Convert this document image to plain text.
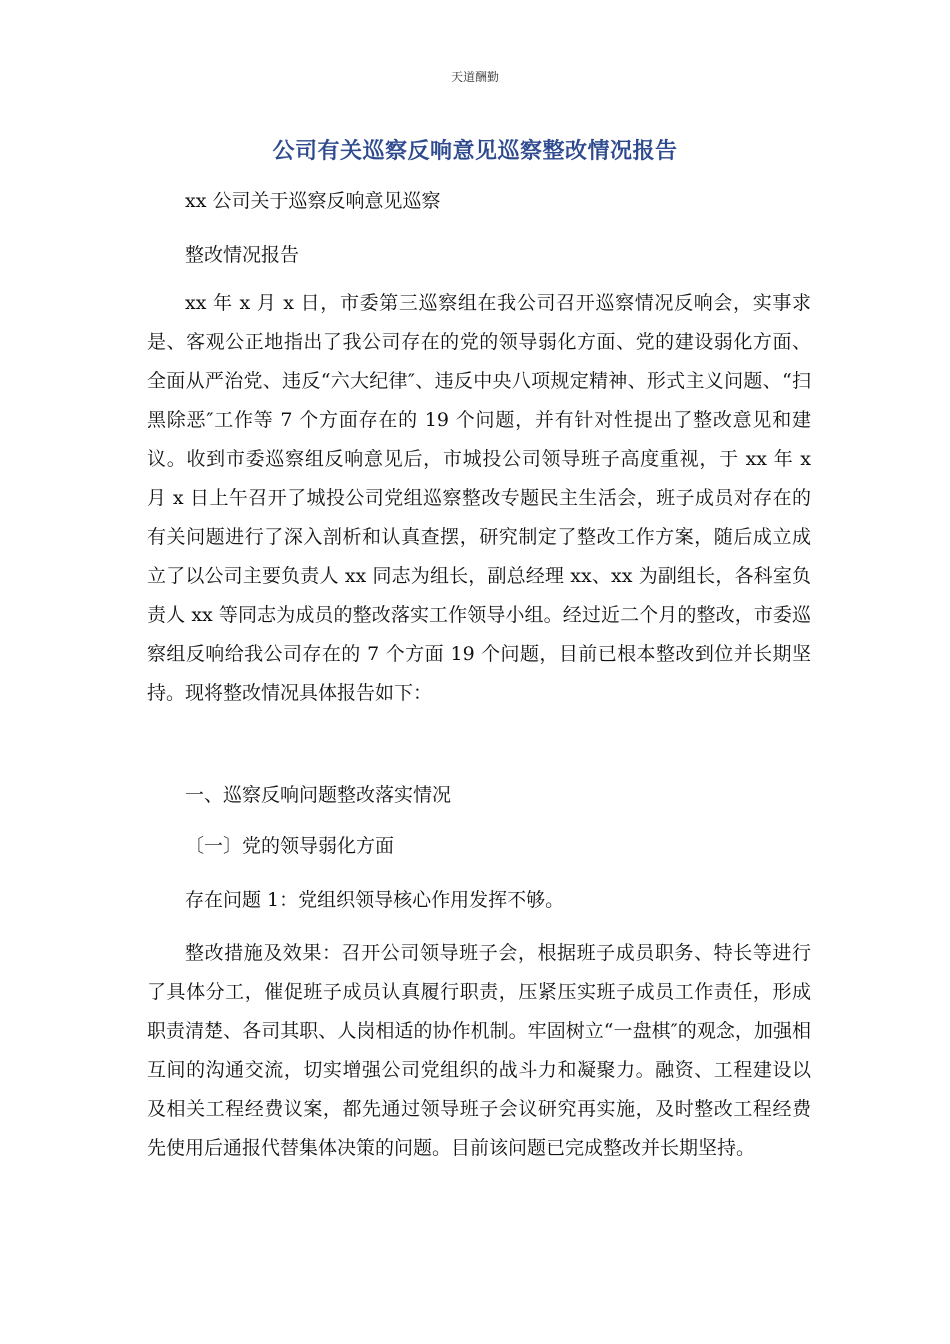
天道酬勤
公司有关巡察反响意见巡察整改情况报告
xx 公司关于巡察反响意见巡察
整改情况报告
xx 年 x 月 x 日，市委第三巡察组在我公司召开巡察情况反响会，实事求是、客观公正地指出了我公司存在的党的领导弱化方面、党的建设弱化方面、全面从严治党、违反“六大纪律″、违反中央八项规定精神、形式主义问题、“扫黑除恶″工作等 7 个方面存在的 19 个问题，并有针对性提出了整改意见和建议。收到市委巡察组反响意见后，市城投公司领导班子高度重视，于 xx 年 x 月 x 日上午召开了城投公司党组巡察整改专题民主生活会，班子成员对存在的有关问题进行了深入剖析和认真查摆，研究制定了整改工作方案，随后成立成立了以公司主要负责人 xx 同志为组长，副总经理 xx、xx 为副组长，各科室负责人 xx 等同志为成员的整改落实工作领导小组。经过近二个月的整改，市委巡察组反响给我公司存在的 7 个方面 19 个问题，目前已根本整改到位并长期坚持。现将整改情况具体报告如下：
一、巡察反响问题整改落实情况
〔一〕党的领导弱化方面
存在问题 1：党组织领导核心作用发挥不够。
整改措施及效果：召开公司领导班子会，根据班子成员职务、特长等进行了具体分工，催促班子成员认真履行职责，压紧压实班子成员工作责任，形成职责清楚、各司其职、人岗相适的协作机制。牢固树立“一盘棋″的观念，加强相互间的沟通交流，切实增强公司党组织的战斗力和凝聚力。融资、工程建设以及相关工程经费议案，都先通过领导班子会议研究再实施，及时整改工程经费先使用后通报代替集体决策的问题。目前该问题已完成整改并长期坚持。
